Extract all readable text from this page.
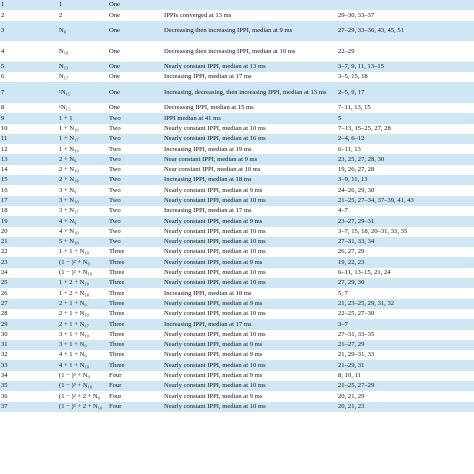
1	1	One		
2	2	One	IPPIs converged at 13 ms	29–30, 33–37
3	N₈	One	Decreasing then increasing IPPI, median at 9 ms	27–29, 33–36, 43, 45, 51
4	N₁₀	One	Decreasing then increasing IPPI, median at 10 ms	22–29
5	N₁₃	One	Nearly constant IPPI, median at 13 ms	3–7, 9, 11, 13–15
6	N₁₇	One	Increasing IPPI, median at 17 ms	3–5, 15, 18
7	¹N₁₅	One	Increasing, decreasing, then increasing IPPI, median at 13 ms	2–5, 9, 17
8	¹N₁₅	One	Decreasing IPPI, median at 15 ms	7–11, 13, 15
9	1 + 1	Two	IPPI median at 41 ms	5
10	1 + N₁₀	Two	Nearly constant IPPI, median at 10 ms	7–13, 15–25, 27, 28
11	1 + N₁₇	Two	Nearly constant IPPI, median at 16 ms	2–4, 6–12
12	1 + N₁₉	Two	Increasing IPPI, median at 19 ms	6–11, 13
13	2 + N₉	Two	Near constant IPPI, median at 9 ms	23, 25, 27, 28, 30
14	2 + N₁₀	Two	Near constant IPPI, median at 10 ms	19, 26, 27, 28
15	2 + N₁₈	Two	Increasing IPPI, median at 18 ms	3–9, 11, 13
16	3 + N₉	Two	Nearly constant IPPI, median at 9 ms	24–26, 29, 30
17	3 + N₁₀	Two	Nearly constant IPPI, median at 10 ms	21–25, 27–34, 37–39, 41, 43
18	3 + N₁₇	Two	Increasing IPPI, median at 17 ms	4–7
19	4 + N₉	Two	Nearly constant IPPI, median at 9 ms	23–27, 29–31
20	4 + N₁₀	Two	Nearly constant IPPI, median at 10 ms	3–7, 15, 18, 20–31, 33, 35
21	5 + N₁₀	Two	Nearly constant IPPI, median at 10 ms	27–31, 33, 34
22	1 + 1 + N₁₀	Three	Nearly constant IPPI, median at 10 ms	26, 27, 29
23	(1 − )² + N₉	Three	Nearly constant IPPI, median at 9 ms	19, 22, 23
24	(1 − )² + N₁₀	Three	Nearly constant IPPI, median at 10 ms	6–11, 13–15, 21, 24
25	1 + 2 + N₁₀	Three	Nearly constant IPPI, median at 10 ms	27, 29, 30
26	1 + 2 + N₁₈	Three	Increasing IPPI, median at 18 ms	5, 7
27	2 + 1 + N₉	Three	Nearly constant IPPI, median at 9 ms	21, 23–25, 29, 31, 32
28	2 + 1 + N₁₀	Three	Nearly constant IPPI, median at 10 ms	22–25, 27–30
29	2 + 1 + N₁₇	Three	Increasing IPPI, median at 17 ms	3–7
30	3 + 1 + N₁₀	Three	Nearly constant IPPI, median at 10 ms	27–31, 33–35
31	3 + 1 + N₉	Three	Nearly constant IPPI, median at 9 ms	21–27, 29
32	4 + 1 + N₉	Three	Nearly constant IPPI, median at 9 ms	21, 29–31, 33
33	4 + 1 + N₁₀	Three	Nearly constant IPPI, median at 10 ms	21–29, 31
34	(1 − )³ + N₉	Four	Nearly constant IPPI, median at 9 ms	8, 10, 11
35	(1 − )³ + N₁₀	Four	Nearly constant IPPI, median at 10 ms	21–25, 27–29
36	(1 − )² + 2 + N₉	Four	Nearly constant IPPI, median at 9 ms	20, 21, 29
37	(1 − )² + 2 + N₁₀	Four	Nearly constant IPPI, median at 10 ms	20, 21, 23
